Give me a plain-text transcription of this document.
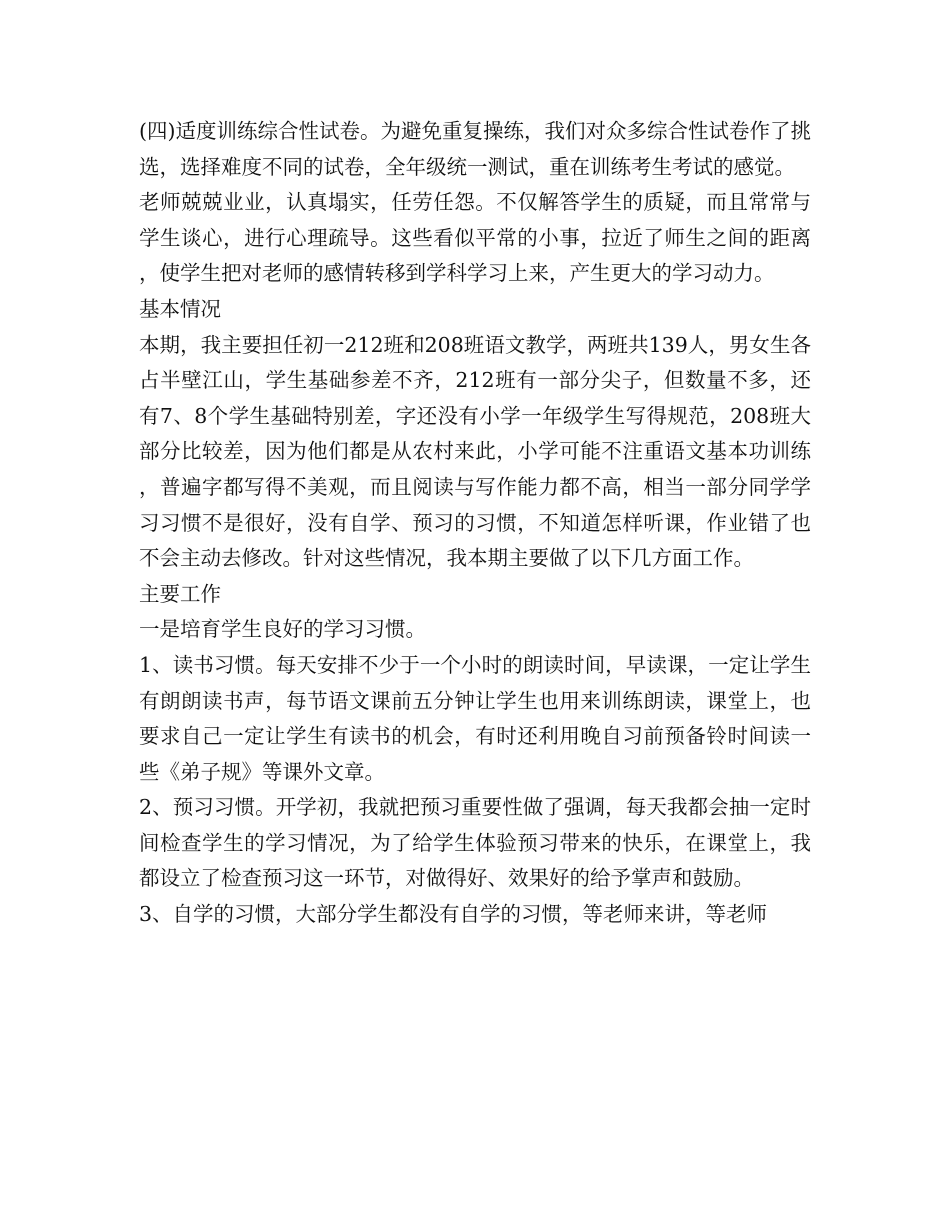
(四)适度训练综合性试卷。为避免重复操练，我们对众多综合性试卷作了挑选，选择难度不同的试卷，全年级统一测试，重在训练考生考试的感觉。

老师兢兢业业，认真塌实，任劳任怨。不仅解答学生的质疑，而且常常与学生谈心，进行心理疏导。这些看似平常的小事，拉近了师生之间的距离，使学生把对老师的感情转移到学科学习上来，产生更大的学习动力。

基本情况

本期，我主要担任初一212班和208班语文教学，两班共139人，男女生各占半壁江山，学生基础参差不齐，212班有一部分尖子，但数量不多，还有7、8个学生基础特别差，字还没有小学一年级学生写得规范，208班大部分比较差，因为他们都是从农村来此，小学可能不注重语文基本功训练，普遍字都写得不美观，而且阅读与写作能力都不高，相当一部分同学学习习惯不是很好，没有自学、预习的习惯，不知道怎样听课，作业错了也不会主动去修改。针对这些情况，我本期主要做了以下几方面工作。

主要工作

一是培育学生良好的学习习惯。

1、读书习惯。每天安排不少于一个小时的朗读时间，早读课，一定让学生有朗朗读书声，每节语文课前五分钟让学生也用来训练朗读，课堂上，也要求自己一定让学生有读书的机会，有时还利用晚自习前预备铃时间读一些《弟子规》等课外文章。

2、预习习惯。开学初，我就把预习重要性做了强调，每天我都会抽一定时间检查学生的学习情况，为了给学生体验预习带来的快乐，在课堂上，我都设立了检查预习这一环节，对做得好、效果好的给予掌声和鼓励。

3、自学的习惯，大部分学生都没有自学的习惯，等老师来讲，等老师
